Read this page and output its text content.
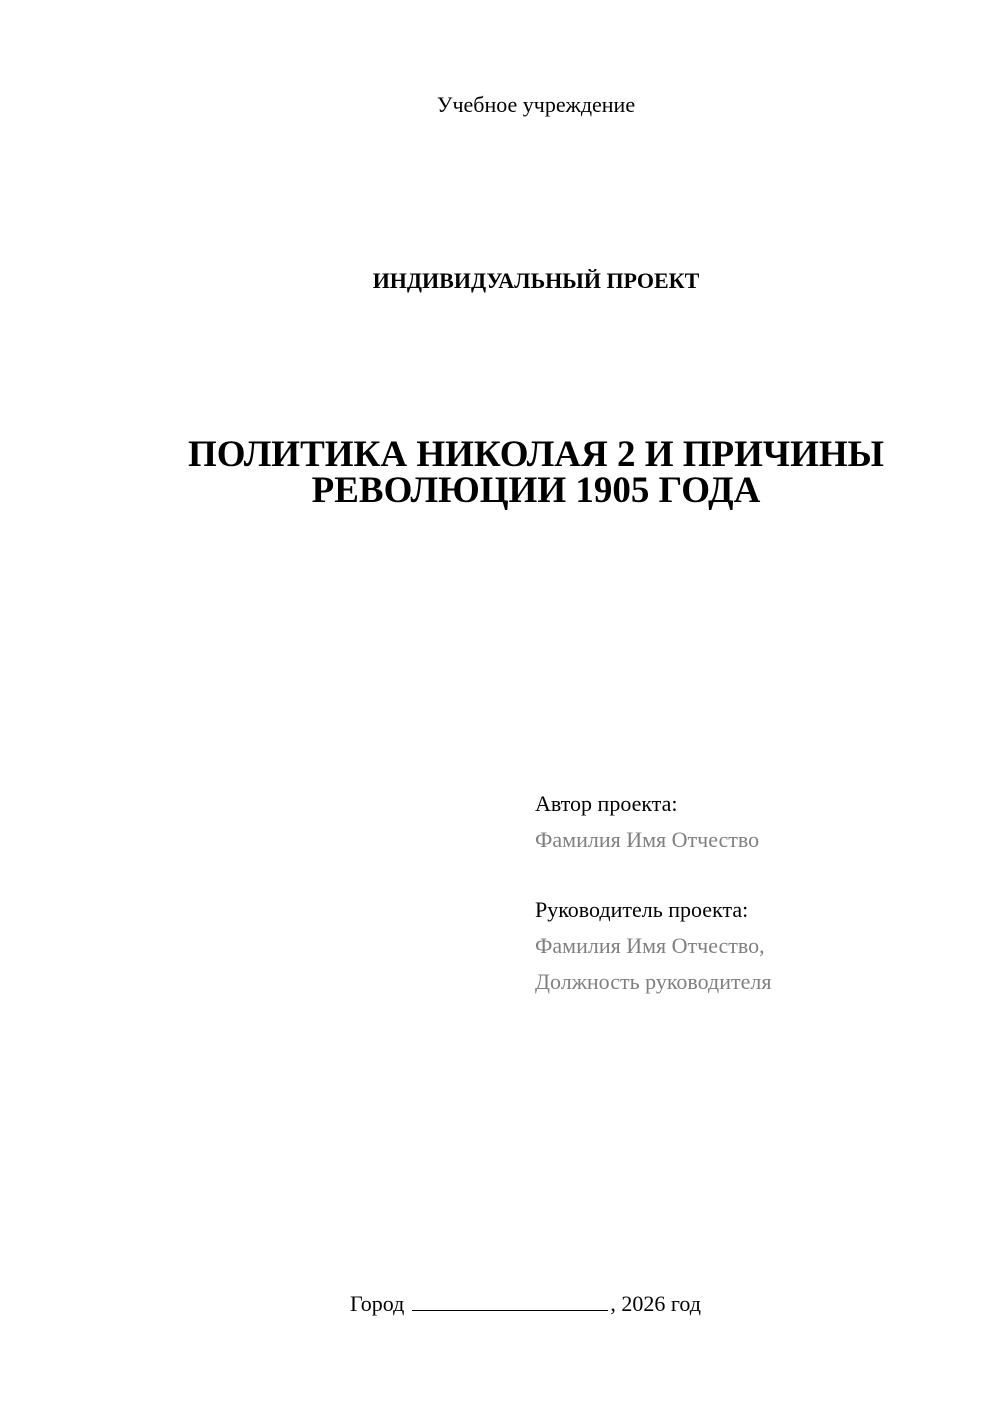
Учебное учреждение
ИНДИВИДУАЛЬНЫЙ ПРОЕКТ
ПОЛИТИКА НИКОЛАЯ 2 И ПРИЧИНЫ
РЕВОЛЮЦИИ 1905 ГОДА
Автор проекта:
Фамилия Имя Отчество
Руководитель проекта:
Фамилия Имя Отчество,
Должность руководителя
Город	, 2026 год
